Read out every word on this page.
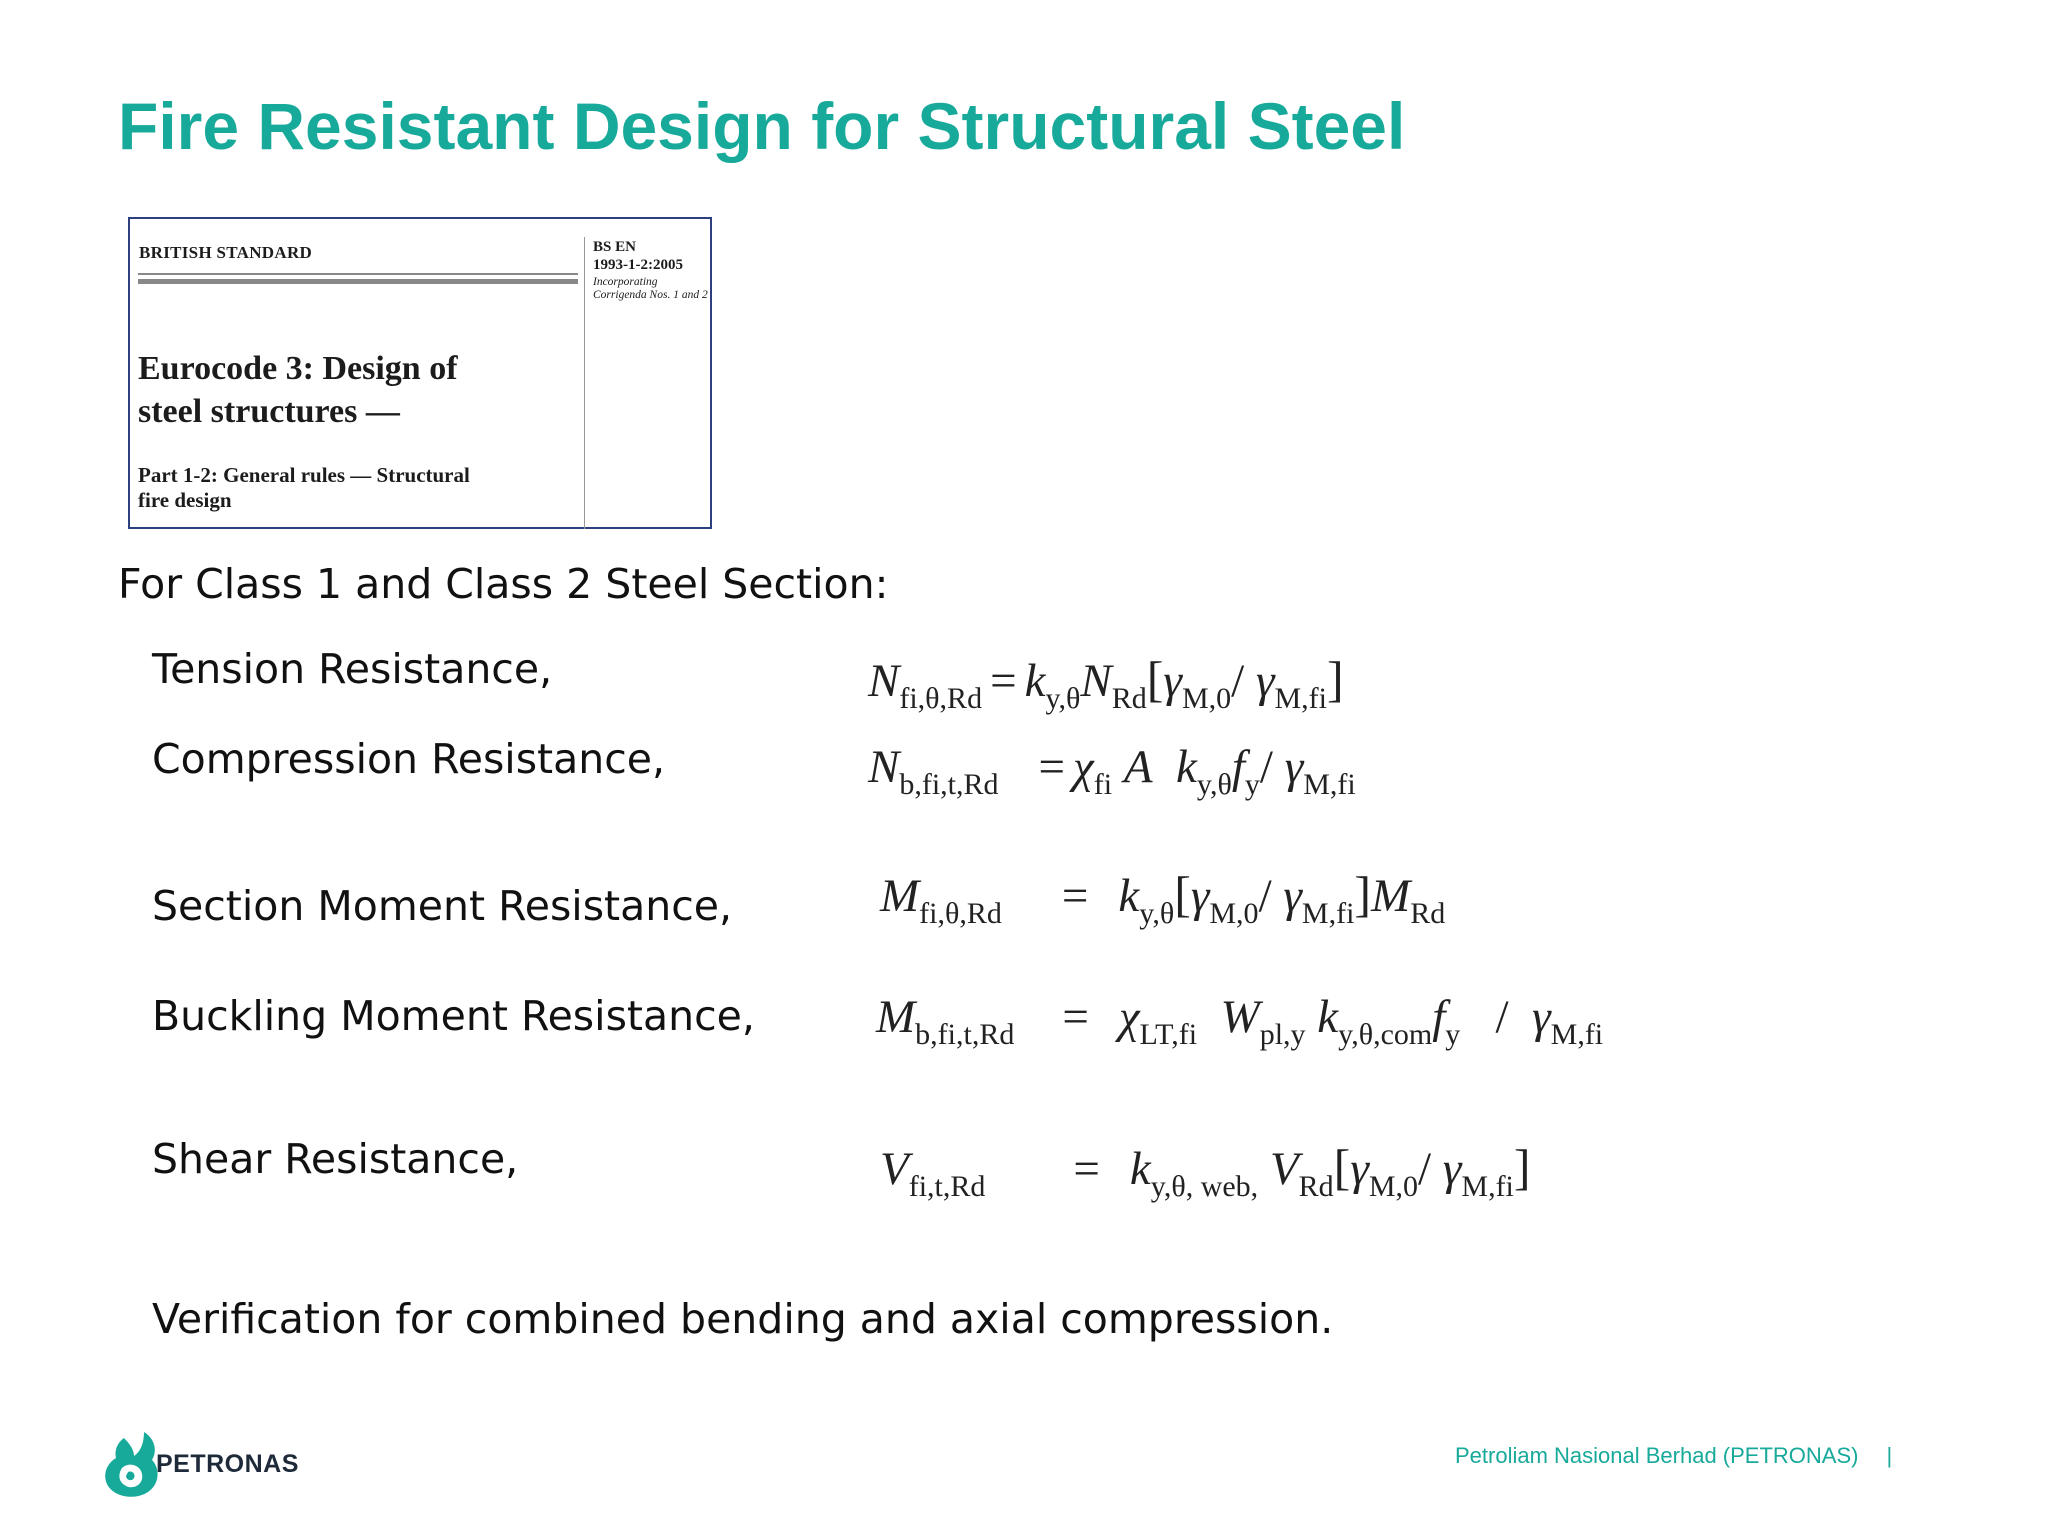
Fire Resistant Design for Structural Steel
BRITISH STANDARD	BS EN
1993-1-2:2005
Incorporating Corrigenda Nos. 1 and 2
Eurocode 3: Design of
steel structures —
Part 1-2: General rules — Structural
fire design
For Class 1 and Class 2 Steel Section:
Tension Resistance,
Compression Resistance,
Section Moment Resistance,
Buckling Moment Resistance,
Shear Resistance,
$N_{fi,\theta,Rd} = k_{y,\theta}N_{Rd}[\gamma_{M,0}/$ $\gamma_{M,fi}$]
$N_{b,fi,t,Rd} = \chi_{fi}$ A $k_{y,\theta}f_y/$ $\gamma_{M,fi}$
$M_{fi,\theta,Rd} = k_{y,\theta}[\gamma_{M,0}/$ $\gamma_{M,fi}]M_{Rd}$
$M_{b,fi,t,Rd} = \chi_{LT,fi}$ $W_{pl,y}$ $k_{y,\theta,com}f_y / \gamma_{M,fi}$
$V_{fi,t,Rd} = k_{y,\theta, web,}$ $V_{Rd}[\gamma_{M,0}/$ $\gamma_{M,fi}$]
Verification for combined bending and axial compression.
PETRONAS	Petroliam Nasional Berhad (PETRONAS) |
